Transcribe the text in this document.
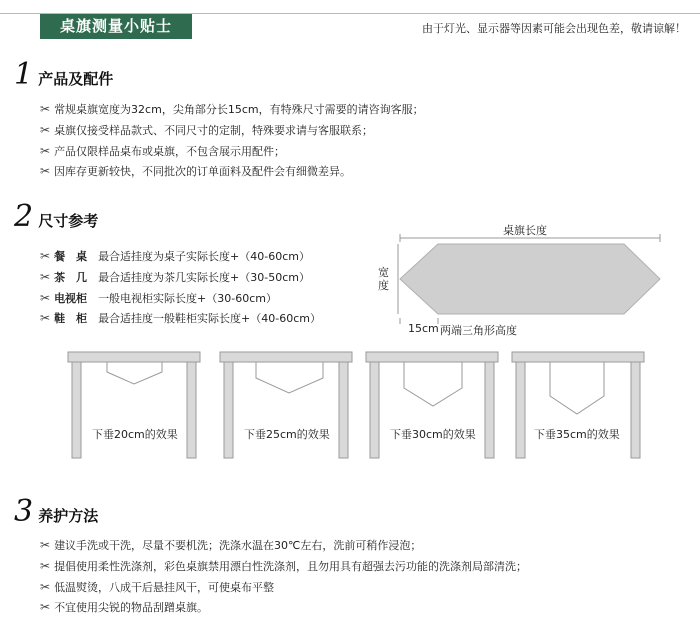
桌旗测量小贴士	由于灯光、显示器等因素可能会出现色差，敬请谅解！
1 产品及配件
✂ 常规桌旗宽度为32cm，尖角部分长15cm，有特殊尺寸需要的请咨询客服；
✂ 桌旗仅接受样品款式、不同尺寸的定制，特殊要求请与客服联系；
✂ 产品仅限样品桌布或桌旗，不包含展示用配件；
✂ 因库存更新较快，不同批次的订单面料及配件会有细微差异。
2 尺寸参考
✂ 餐　桌 最合适挂度为桌子实际长度+（40-60cm）
✂ 茶　几 最合适挂度为茶几实际长度+（30-50cm）
✂ 电视柜 一般电视柜实际长度+（30-60cm）
✂ 鞋　柜 最合适挂度一般鞋柜实际长度+（40-60cm）
桌旗长度
宽度
15cm 两端三角形高度
下垂20cm的效果	下垂25cm的效果	下垂30cm的效果	下垂35cm的效果
3 养护方法
✂ 建议手洗或干洗，尽量不要机洗；洗涤水温在30℃左右，洗前可稍作浸泡；
✂ 提倡使用柔性洗涤剂，彩色桌旗禁用漂白性洗涤剂，且勿用具有超强去污功能的洗涤剂局部清洗；
✂ 低温熨烫，八成干后悬挂风干，可使桌布平整
✂ 不宜使用尖锐的物品刮蹭桌旗。
